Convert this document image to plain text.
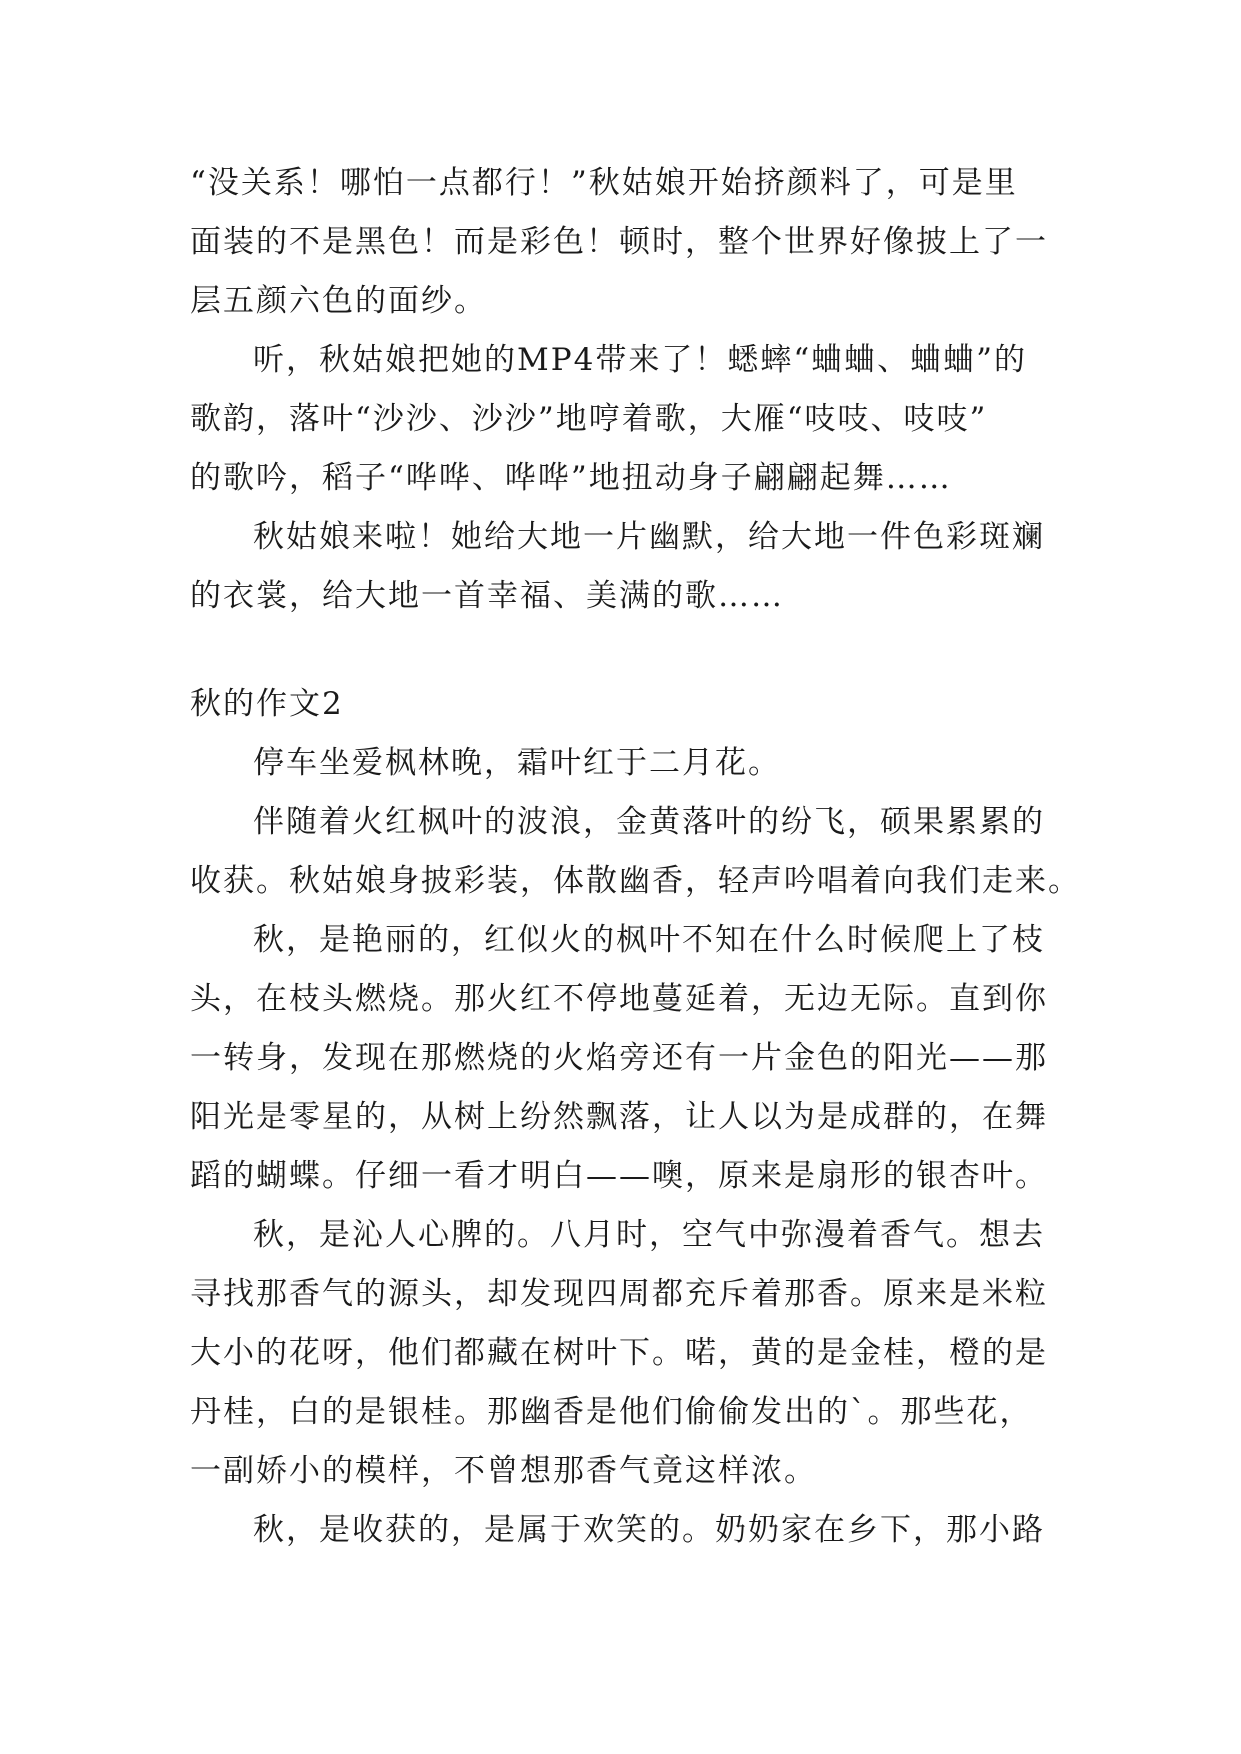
“没关系！哪怕一点都行！”秋姑娘开始挤颜料了，可是里

面装的不是黑色！而是彩色！顿时，整个世界好像披上了一

层五颜六色的面纱。

听，秋姑娘把她的MP4带来了！蟋蟀“蛐蛐、蛐蛐”的

歌韵，落叶“沙沙、沙沙”地哼着歌，大雁“吱吱、吱吱”

的歌吟，稻子“哗哗、哗哗”地扭动身子翩翩起舞……

秋姑娘来啦！她给大地一片幽默，给大地一件色彩斑斓

的衣裳，给大地一首幸福、美满的歌……

秋的作文2

停车坐爱枫林晚，霜叶红于二月花。

伴随着火红枫叶的波浪，金黄落叶的纷飞，硕果累累的

收获。秋姑娘身披彩装，体散幽香，轻声吟唱着向我们走来。

秋，是艳丽的，红似火的枫叶不知在什么时候爬上了枝

头，在枝头燃烧。那火红不停地蔓延着，无边无际。直到你

一转身，发现在那燃烧的火焰旁还有一片金色的阳光——那

阳光是零星的，从树上纷然飘落，让人以为是成群的，在舞

蹈的蝴蝶。仔细一看才明白——噢，原来是扇形的银杏叶。

秋，是沁人心脾的。八月时，空气中弥漫着香气。想去

寻找那香气的源头，却发现四周都充斥着那香。原来是米粒

大小的花呀，他们都藏在树叶下。喏，黄的是金桂，橙的是

丹桂，白的是银桂。那幽香是他们偷偷发出的`。那些花，

一副娇小的模样，不曾想那香气竟这样浓。

秋，是收获的，是属于欢笑的。奶奶家在乡下，那小路
